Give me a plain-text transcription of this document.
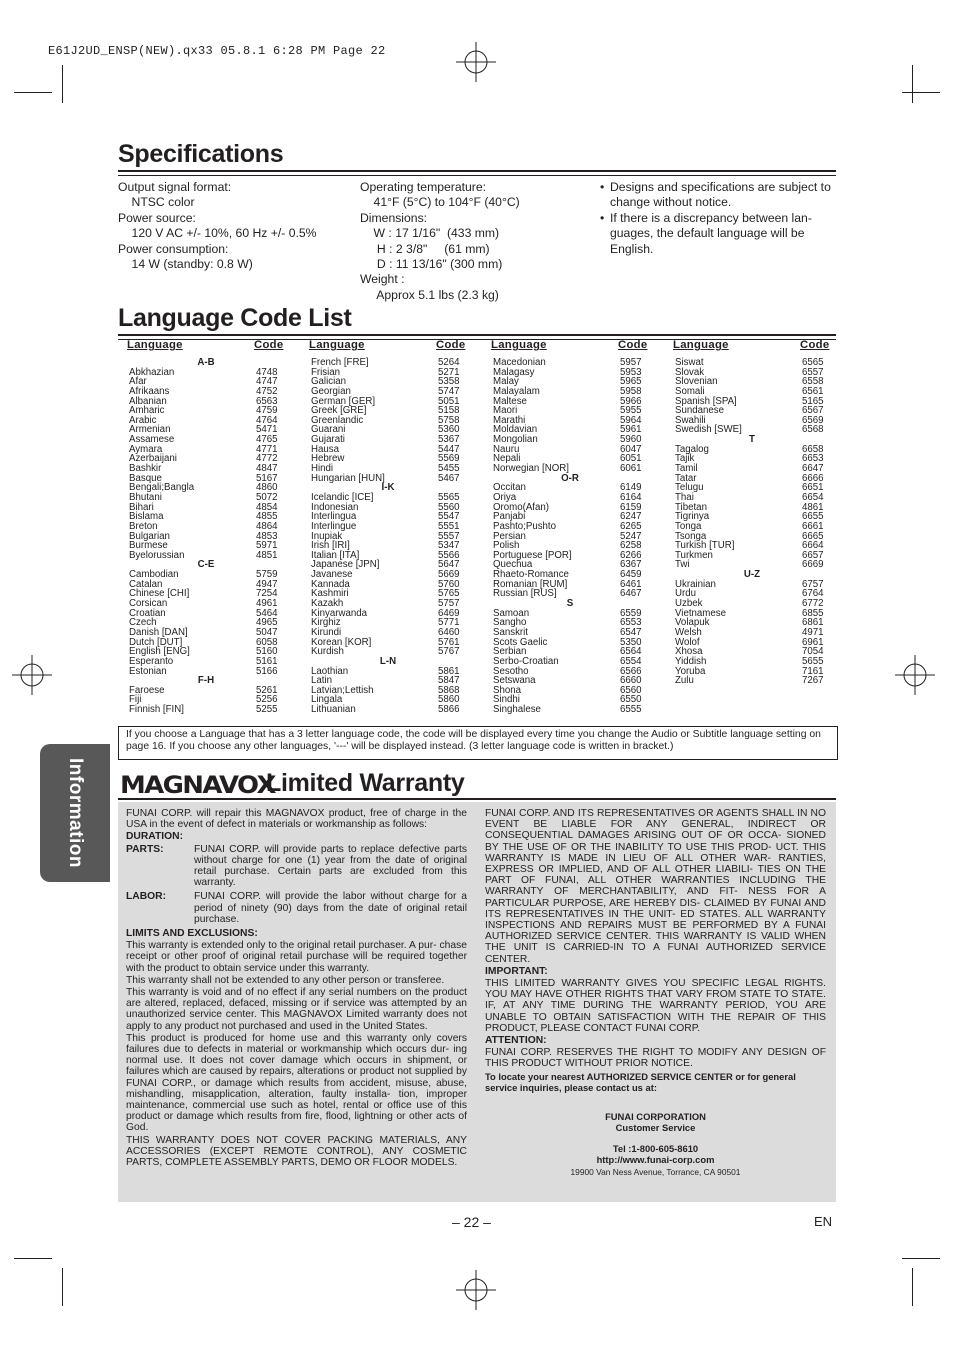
E61J2UD_ENSP(NEW).qx33 05.8.1 6:28 PM Page 22
Specifications
Output signal format:
NTSC color
Power source:
120 V AC +/- 10%, 60 Hz +/- 0.5%
Power consumption:
14 W (standby: 0.8 W)
Operating temperature:
41°F (5°C) to 104°F (40°C)
Dimensions:
W : 17 1/16"  (433 mm)
H : 2 3/8"     (61 mm)
D : 11 13/16" (300 mm)
Weight :
Approx 5.1 lbs (2.3 kg)
• Designs and specifications are subject to change without notice.
• If there is a discrepancy between lan- guages, the default language will be English.
Language Code List
Language	Code Language	Code Language	Code Language	Code
A-B
Abkhazian	4748
Afar	4747
Afrikaans	4752
Albanian	6563
Amharic	4759
Arabic	4764
Armenian	5471
Assamese	4765
Aymara	4771
Azerbaijani	4772
Bashkir	4847
Basque	5167
Bengali;Bangla	4860
Bhutani	5072
Bihari	4854
Bislama	4855
Breton	4864
Bulgarian	4853
Burmese	5971
Byelorussian	4851
C-E
Cambodian	5759
Catalan	4947
Chinese [CHI]	7254
Corsican	4961
Croatian	5464
Czech	4965
Danish [DAN]	5047
Dutch [DUT]	6058
English [ENG]	5160
Esperanto	5161
Estonian	5166
F-H
Faroese	5261
Fiji	5256
Finnish [FIN]	5255
French [FRE]	5264
Frisian	5271
Galician	5358
Georgian	5747
German [GER]	5051
Greek [GRE]	5158
Greenlandic	5758
Guarani	5360
Gujarati	5367
Hausa	5447
Hebrew	5569
Hindi	5455
Hungarian [HUN]	5467
I-K
Icelandic [ICE]	5565
Indonesian	5560
Interlingua	5547
Interlingue	5551
Inupiak	5557
Irish [IRI]	5347
Italian [ITA]	5566
Japanese [JPN]	5647
Javanese	5669
Kannada	5760
Kashmiri	5765
Kazakh	5757
Kinyarwanda	6469
Kirghiz	5771
Kirundi	6460
Korean [KOR]	5761
Kurdish	5767
L-N
Laothian	5861
Latin	5847
Latvian;Lettish	5868
Lingala	5860
Lithuanian	5866
Macedonian	5957
Malagasy	5953
Malay	5965
Malayalam	5958
Maltese	5966
Maori	5955
Marathi	5964
Moldavian	5961
Mongolian	5960
Nauru	6047
Nepali	6051
Norwegian [NOR]	6061
O-R
Occitan	6149
Oriya	6164
Oromo(Afan)	6159
Panjabi	6247
Pashto;Pushto	6265
Persian	5247
Polish	6258
Portuguese [POR]	6266
Quechua	6367
Rhaeto-Romance	6459
Romanian [RUM]	6461
Russian [RUS]	6467
S
Samoan	6559
Sangho	6553
Sanskrit	6547
Scots Gaelic	5350
Serbian	6564
Serbo-Croatian	6554
Sesotho	6566
Setswana	6660
Shona	6560
Sindhi	6550
Singhalese	6555
Siswat	6565
Slovak	6557
Slovenian	6558
Somali	6561
Spanish [SPA]	5165
Sundanese	6567
Swahili	6569
Swedish [SWE]	6568
T
Tagalog	6658
Tajik	6653
Tamil	6647
Tatar	6666
Telugu	6651
Thai	6654
Tibetan	4861
Tigrinya	6655
Tonga	6661
Tsonga	6665
Turkish [TUR]	6664
Turkmen	6657
Twi	6669
U-Z
Ukrainian	6757
Urdu	6764
Uzbek	6772
Vietnamese	6855
Volapuk	6861
Welsh	4971
Wolof	6961
Xhosa	7054
Yiddish	5655
Yoruba	7161
Zulu	7267
If you choose a Language that has a 3 letter language code, the code will be displayed every time you change the Audio or Subtitle language setting on page 16. If you choose any other languages, '---' will be displayed instead. (3 letter language code is written in bracket.)
Information MAGNAVOX
Limited Warranty

FUNAI CORP. will repair this MAGNAVOX product, free of charge in the USA in the event of defect in materials or workmanship as follows:

DURATION:

PARTS:	FUNAI CORP. will provide parts to replace defective parts without charge for one (1) year from the date of original retail purchase. Certain parts are excluded from this warranty.
LABOR:	FUNAI CORP. will provide the labor without charge for a period of ninety (90) days from the date of original retail purchase.

LIMITS AND EXCLUSIONS:

This warranty is extended only to the original retail purchaser. A pur- chase receipt or other proof of original retail purchase will be required together with the product to obtain service under this warranty.

This warranty shall not be extended to any other person or transferee.

This warranty is void and of no effect if any serial numbers on the product are altered, replaced, defaced, missing or if service was attempted by an unauthorized service center. This MAGNAVOX Limited warranty does not apply to any product not purchased and used in the United States.

This product is produced for home use and this warranty only covers failures due to defects in material or workmanship which occurs dur- ing normal use. It does not cover damage which occurs in shipment, or failures which are caused by repairs, alterations or product not supplied by FUNAI CORP., or damage which results from accident, misuse, abuse, mishandling, misapplication, alteration, faulty installa- tion, improper maintenance, commercial use such as hotel, rental or office use of this product or damage which results from fire, flood, lightning or other acts of God.

THIS WARRANTY DOES NOT COVER PACKING MATERIALS, ANY ACCESSORIES (EXCEPT REMOTE CONTROL), ANY COSMETIC PARTS, COMPLETE ASSEMBLY PARTS, DEMO OR FLOOR MODELS.

FUNAI CORP. AND ITS REPRESENTATIVES OR AGENTS SHALL IN NO EVENT BE LIABLE FOR ANY GENERAL, INDIRECT OR CONSEQUENTIAL DAMAGES ARISING OUT OF OR OCCA- SIONED BY THE USE OF OR THE INABILITY TO USE THIS PROD- UCT. THIS WARRANTY IS MADE IN LIEU OF ALL OTHER WAR- RANTIES, EXPRESS OR IMPLIED, AND OF ALL OTHER LIABILI- TIES ON THE PART OF FUNAI, ALL OTHER WARRANTIES INCLUDING THE WARRANTY OF MERCHANTABILITY, AND FIT- NESS FOR A PARTICULAR PURPOSE, ARE HEREBY DIS- CLAIMED BY FUNAI AND ITS REPRESENTATIVES IN THE UNIT- ED STATES. ALL WARRANTY INSPECTIONS AND REPAIRS MUST BE PERFORMED BY A FUNAI AUTHORIZED SERVICE CENTER. THIS WARRANTY IS VALID WHEN THE UNIT IS CARRIED-IN TO A FUNAI AUTHORIZED SERVICE CENTER.

IMPORTANT:

THIS LIMITED WARRANTY GIVES YOU SPECIFIC LEGAL RIGHTS. YOU MAY HAVE OTHER RIGHTS THAT VARY FROM STATE TO STATE. IF, AT ANY TIME DURING THE WARRANTY PERIOD, YOU ARE UNABLE TO OBTAIN SATISFACTION WITH THE REPAIR OF THIS PRODUCT, PLEASE CONTACT FUNAI CORP.

ATTENTION:

FUNAI CORP. RESERVES THE RIGHT TO MODIFY ANY DESIGN OF THIS PRODUCT WITHOUT PRIOR NOTICE.

To locate your nearest AUTHORIZED SERVICE CENTER or for general service inquiries, please contact us at:

FUNAI CORPORATION
Customer Service
Tel :1-800-605-8610
http://www.funai-corp.com
19900 Van Ness Avenue, Torrance, CA 90501
– 22 –	EN
